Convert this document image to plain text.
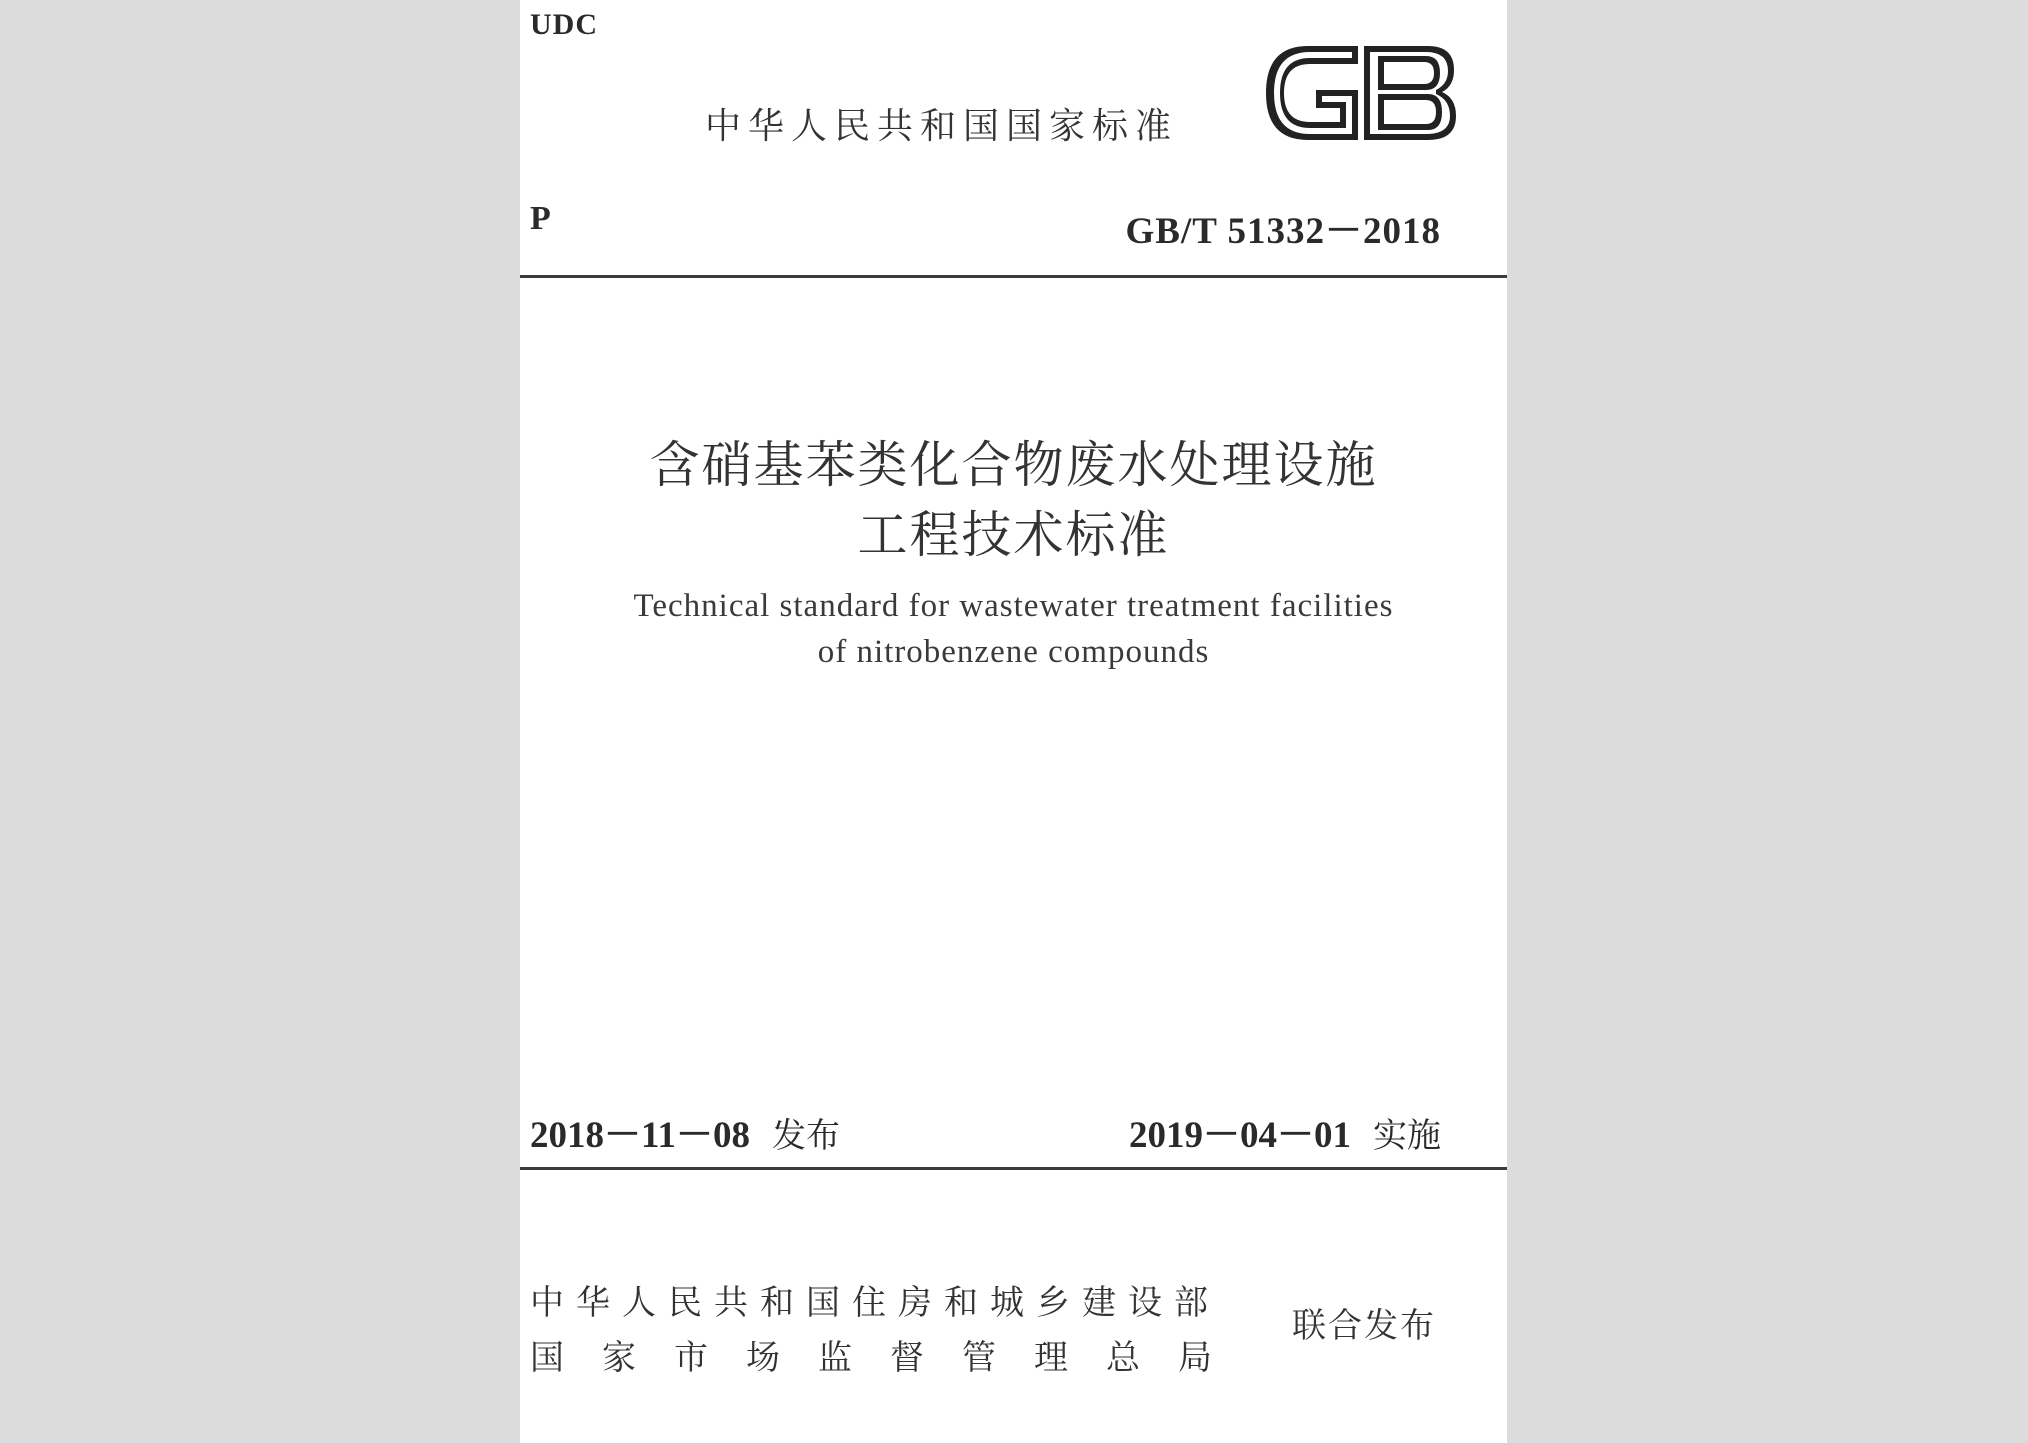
UDC
中华人民共和国国家标准
P	GB/T 51332－2018
含硝基苯类化合物废水处理设施
工程技术标准
Technical standard for wastewater treatment facilities
of nitrobenzene compounds
2018－11－08 发布	2019－04－01 实施
中华人民共和国住房和城乡建设部
国家市场监督管理总局
联合发布
